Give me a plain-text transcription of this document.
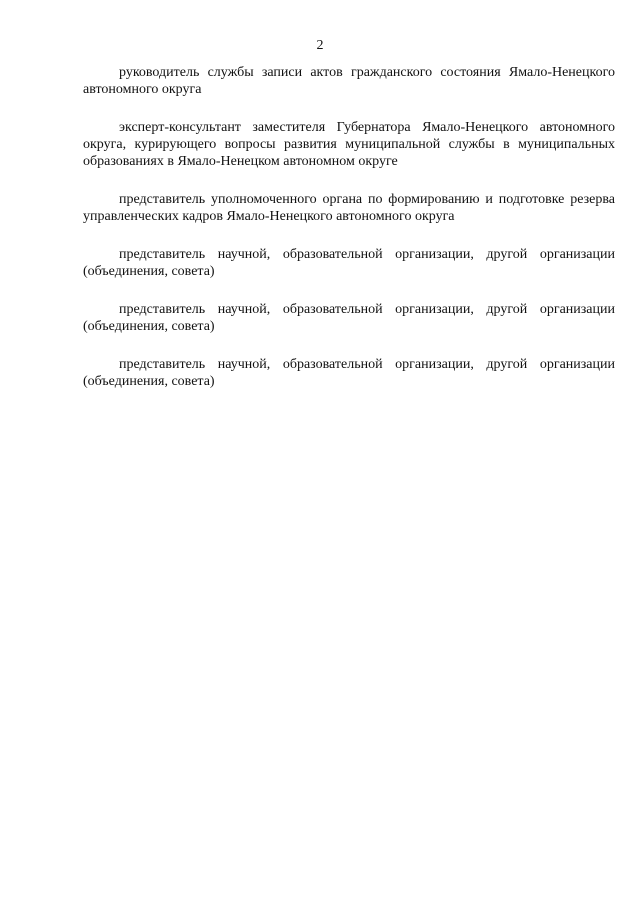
2

руководитель службы записи актов гражданского состояния Ямало-Ненецкого автономного округа

эксперт-консультант заместителя Губернатора Ямало-Ненецкого автономного округа, курирующего вопросы развития муниципальной службы в муниципальных образованиях в Ямало-Ненецком автономном округе

представитель уполномоченного органа по формированию и подготовке резерва управленческих кадров Ямало-Ненецкого автономного округа

представитель научной, образовательной организации, другой организации (объединения, совета)

представитель научной, образовательной организации, другой организации (объединения, совета)

представитель научной, образовательной организации, другой организации (объединения, совета)
